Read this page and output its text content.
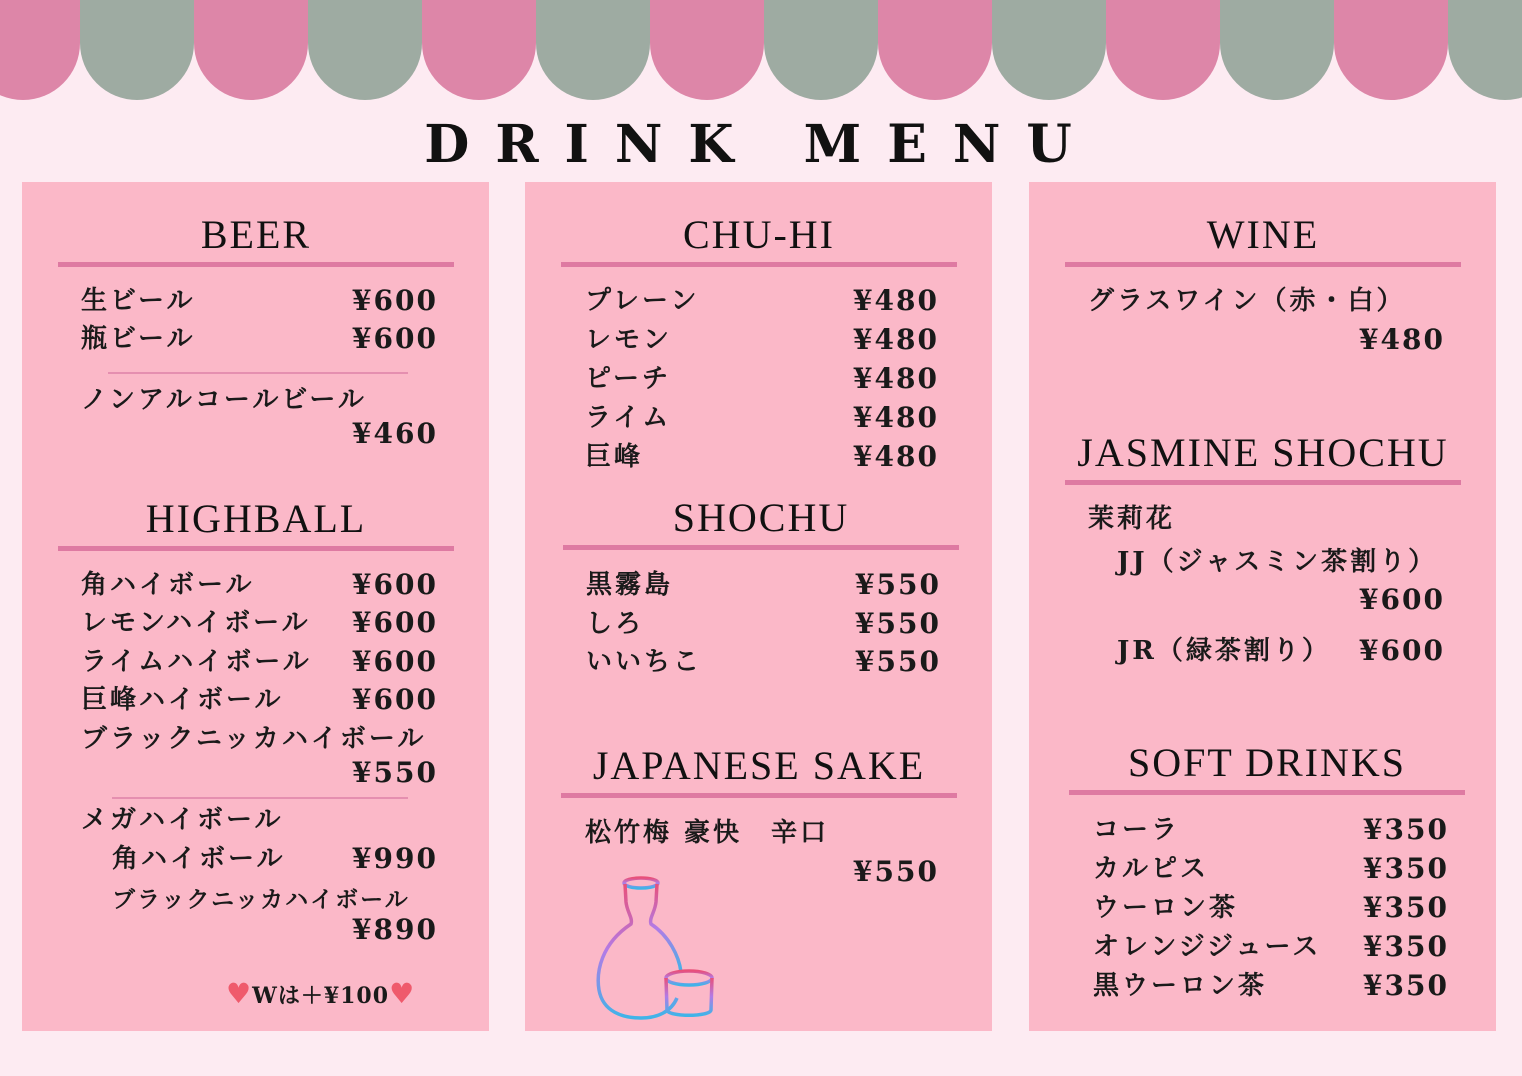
DRINK MENU
BEER
生ビール	¥600
瓶ビール	¥600
ノンアルコールビール
¥460
HIGHBALL
角ハイボール	¥600
レモンハイボール ¥600
ライムハイボール ¥600
巨峰ハイボール ¥600
ブラックニッカハイボール
¥550
メガハイボール
角ハイボール ¥990
ブラックニッカハイボール
¥890
♥Wは＋¥100♥
CHU-HI
プレーン	¥480
レモン	¥480
ピーチ	¥480
ライム	¥480
巨峰	¥480
SHOCHU
黒霧島	¥550
しろ	¥550
いいちこ	¥550
JAPANESE SAKE
松竹梅 豪快　辛口
¥550
WINE
グラスワイン（赤・白）
¥480
JASMINE SHOCHU
茉莉花
JJ（ジャスミン茶割り）
¥600
JR（緑茶割り） ¥600
SOFT DRINKS
コーラ	¥350
カルピス	¥350
ウーロン茶	¥350
オレンジジュース ¥350
黒ウーロン茶	¥350
